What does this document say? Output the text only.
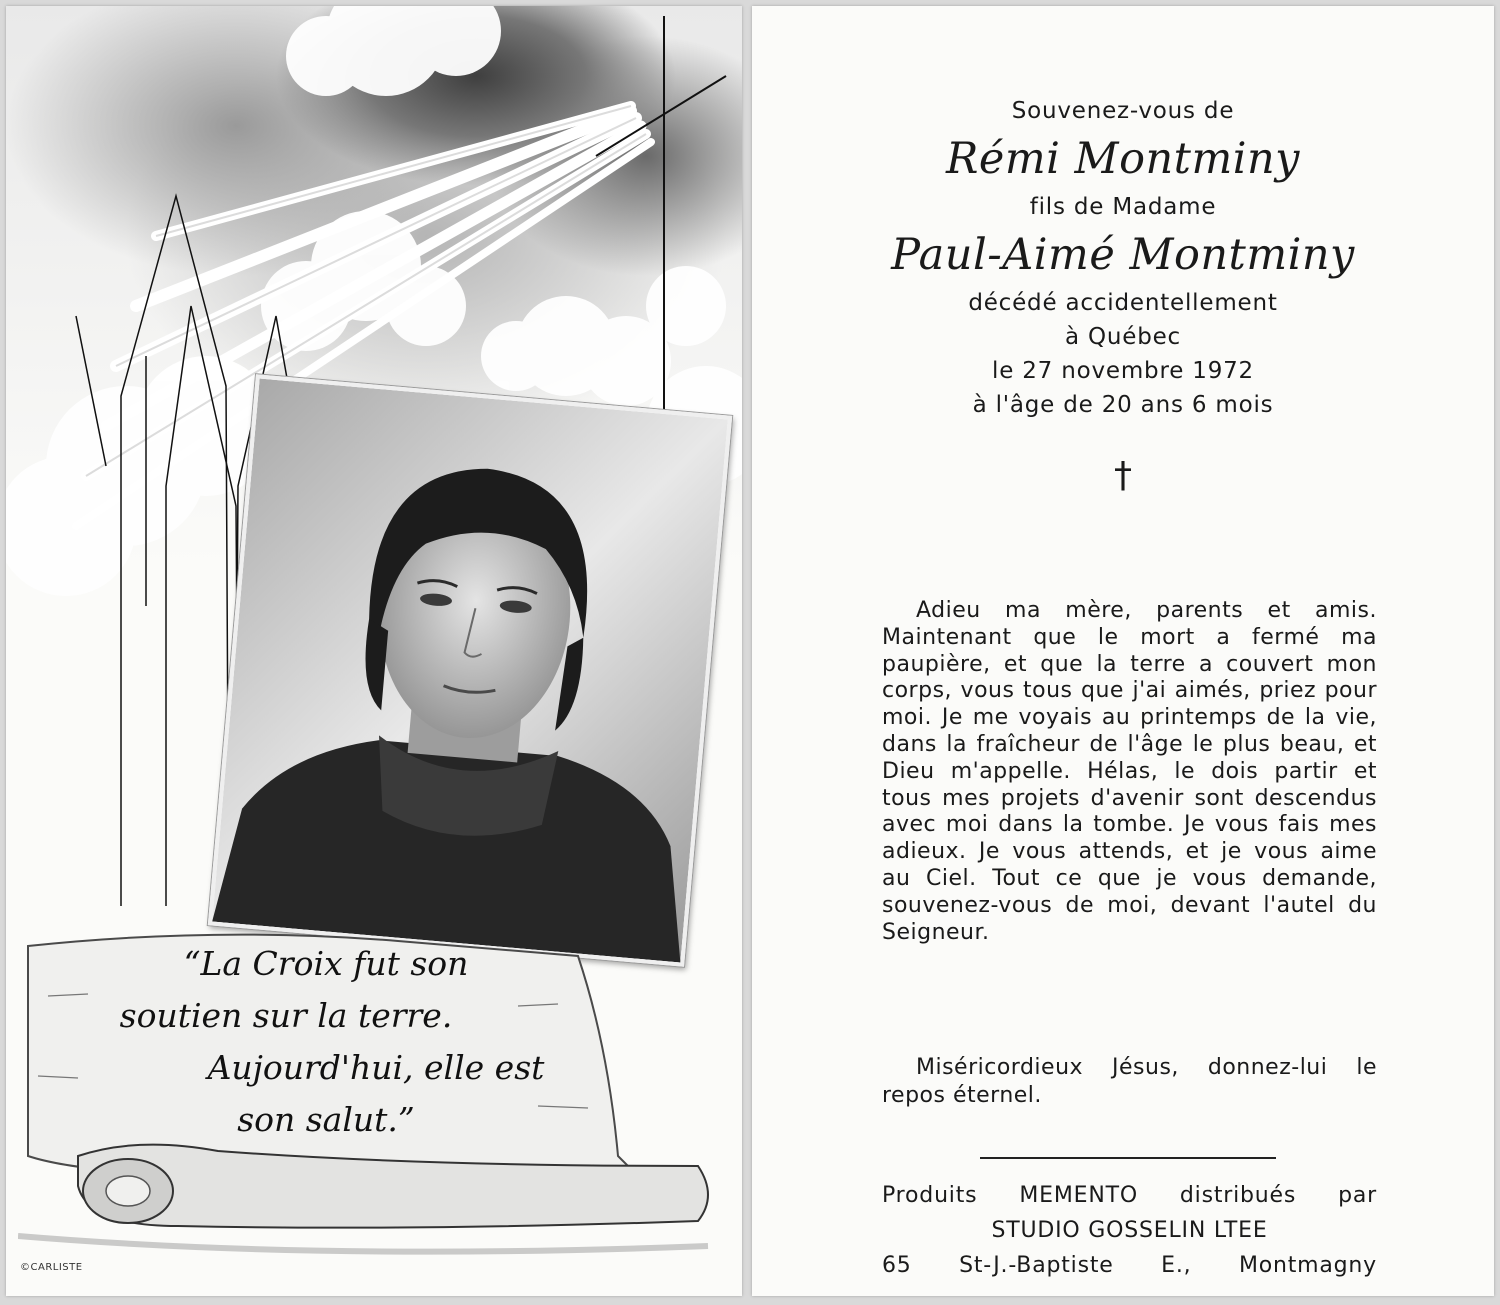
“La Croix fut son
soutien sur la terre.
Aujourd'hui, elle est
son salut.”
©CARLISTE
Souvenez-vous de
Rémi Montminy
fils de Madame
Paul-Aimé Montminy
décédé accidentellement
à Québec
le 27 novembre 1972
à l'âge de 20 ans 6 mois
†
Adieu ma mère, parents et amis. Maintenant que le mort a fermé ma paupière, et que la terre a couvert mon corps, vous tous que j'ai aimés, priez pour moi. Je me voyais au printemps de la vie, dans la fraîcheur de l'âge le plus beau, et Dieu m'appelle. Hélas, le dois partir et tous mes projets d'avenir sont descendus avec moi dans la tombe. Je vous fais mes adieux. Je vous attends, et je vous aime au Ciel. Tout ce que je vous demande, souvenez-vous de moi, devant l'autel du Seigneur.
Miséricordieux Jésus, donnez-lui le repos éternel.
Produits MEMENTO distribués par
STUDIO GOSSELIN LTEE
65 St-J.-Baptiste E., Montmagny
